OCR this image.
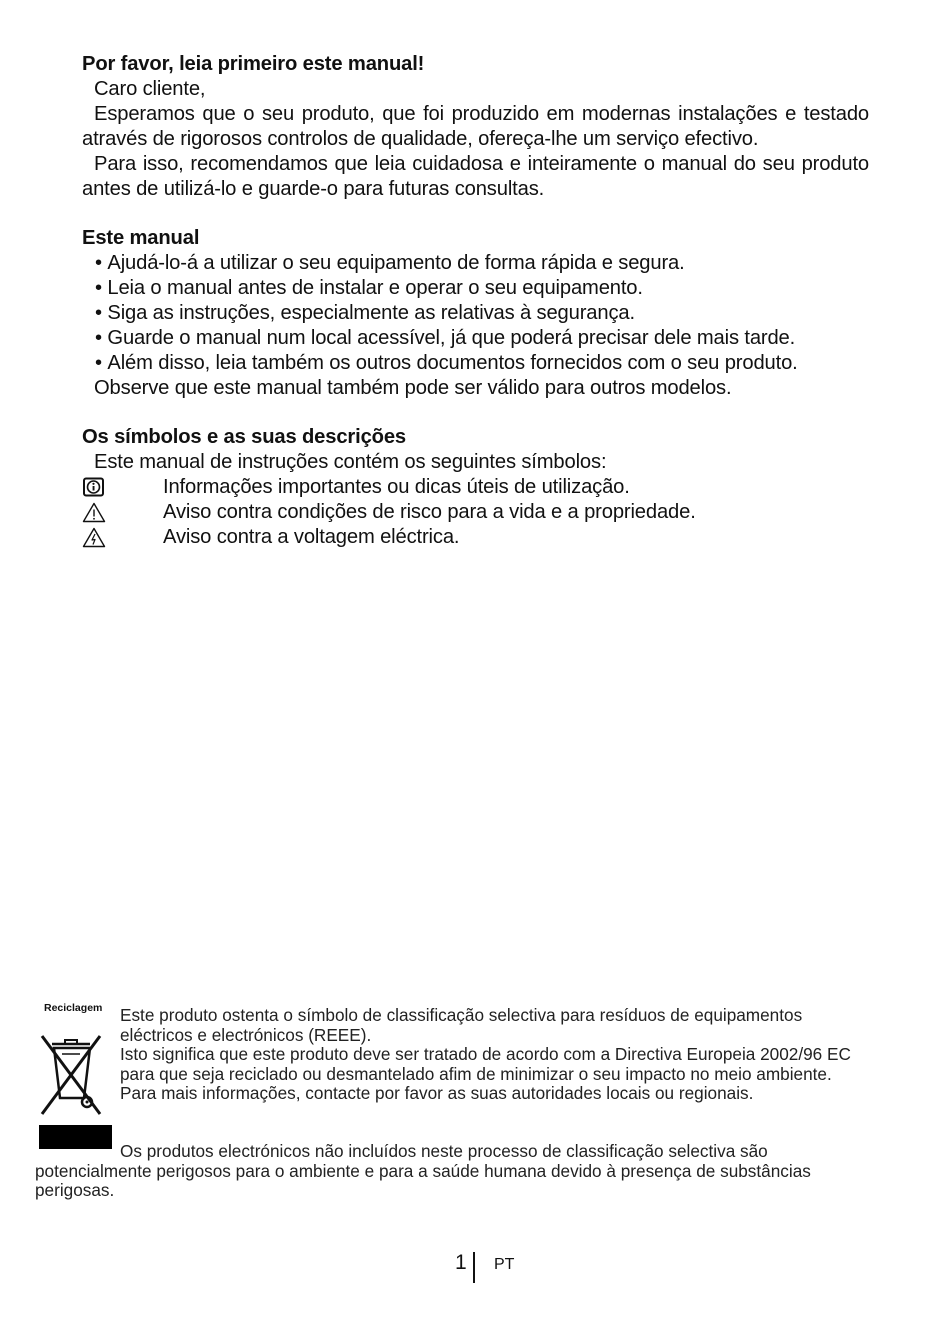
Por favor, leia primeiro este manual!

Caro cliente,

Esperamos que o seu produto, que foi produzido em modernas instalações e testado através de rigorosos controlos de qualidade, ofereça-lhe um serviço efectivo.

Para isso, recomendamos que leia cuidadosa e inteiramente o manual do seu produto antes de utilizá-lo e guarde-o para futuras consultas.

Este manual

• Ajudá-lo-á a utilizar o seu equipamento de forma rápida e segura.
• Leia o manual antes de instalar e operar o seu equipamento.
• Siga as instruções, especialmente as relativas à segurança.
• Guarde o manual num local acessível, já que poderá precisar dele mais tarde.
• Além disso, leia também os outros documentos fornecidos com o seu produto.

Observe que este manual também pode ser válido para outros modelos.

Os símbolos e as suas descrições

Este manual de instruções contém os seguintes símbolos:

Informações importantes ou dicas úteis de utilização.
Aviso contra condições de risco para a vida e a propriedade.
Aviso contra a voltagem eléctrica.
Reciclagem Este produto ostenta o símbolo de classificação selectiva para resíduos de equipamentos eléctricos e electrónicos (REEE).
Isto significa que este produto deve ser tratado de acordo com a Directiva Europeia 2002/96 EC para que seja reciclado ou desmantelado afim de minimizar o seu impacto no meio ambiente. Para mais informações, contacte por favor as suas autoridades locais ou regionais.
Os produtos electrónicos não incluídos neste processo de classificação selectiva são potencialmente perigosos para o ambiente e para a saúde humana devido à presença de substâncias perigosas.
1 PT
